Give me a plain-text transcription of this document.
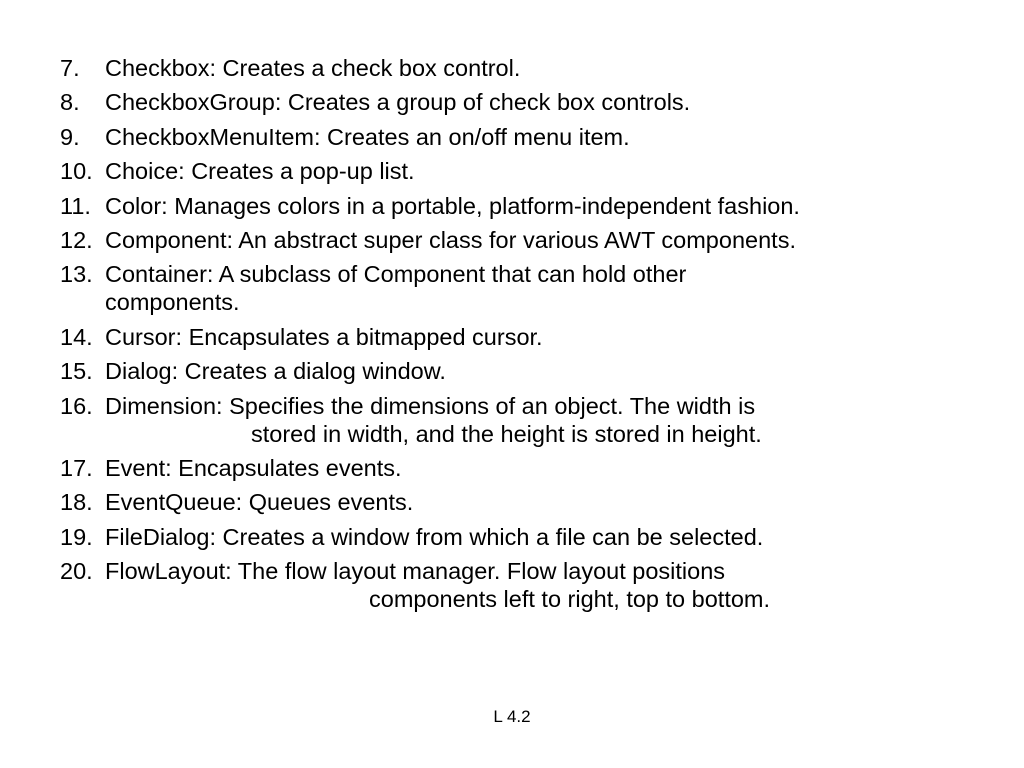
7.	Checkbox: Creates a check box control.
8.	CheckboxGroup: Creates a group of check box controls.
9.	CheckboxMenuItem: Creates an on/off menu item.
10. Choice: Creates a pop-up list.
11. Color: Manages colors in a portable, platform-independent fashion.
12. Component: An abstract super class for various AWT components.
13. Container: A subclass of Component that can hold other
components.
14. Cursor: Encapsulates a bitmapped cursor.
15. Dialog: Creates a dialog window.
16. Dimension: Specifies the dimensions of an object. The width is
stored in width, and the height is stored in height.
17. Event: Encapsulates events.
18. EventQueue: Queues events.
19. FileDialog: Creates a window from which a file can be selected.
20. FlowLayout: The flow layout manager. Flow layout positions
components left to right, top to bottom.
L 4.2
